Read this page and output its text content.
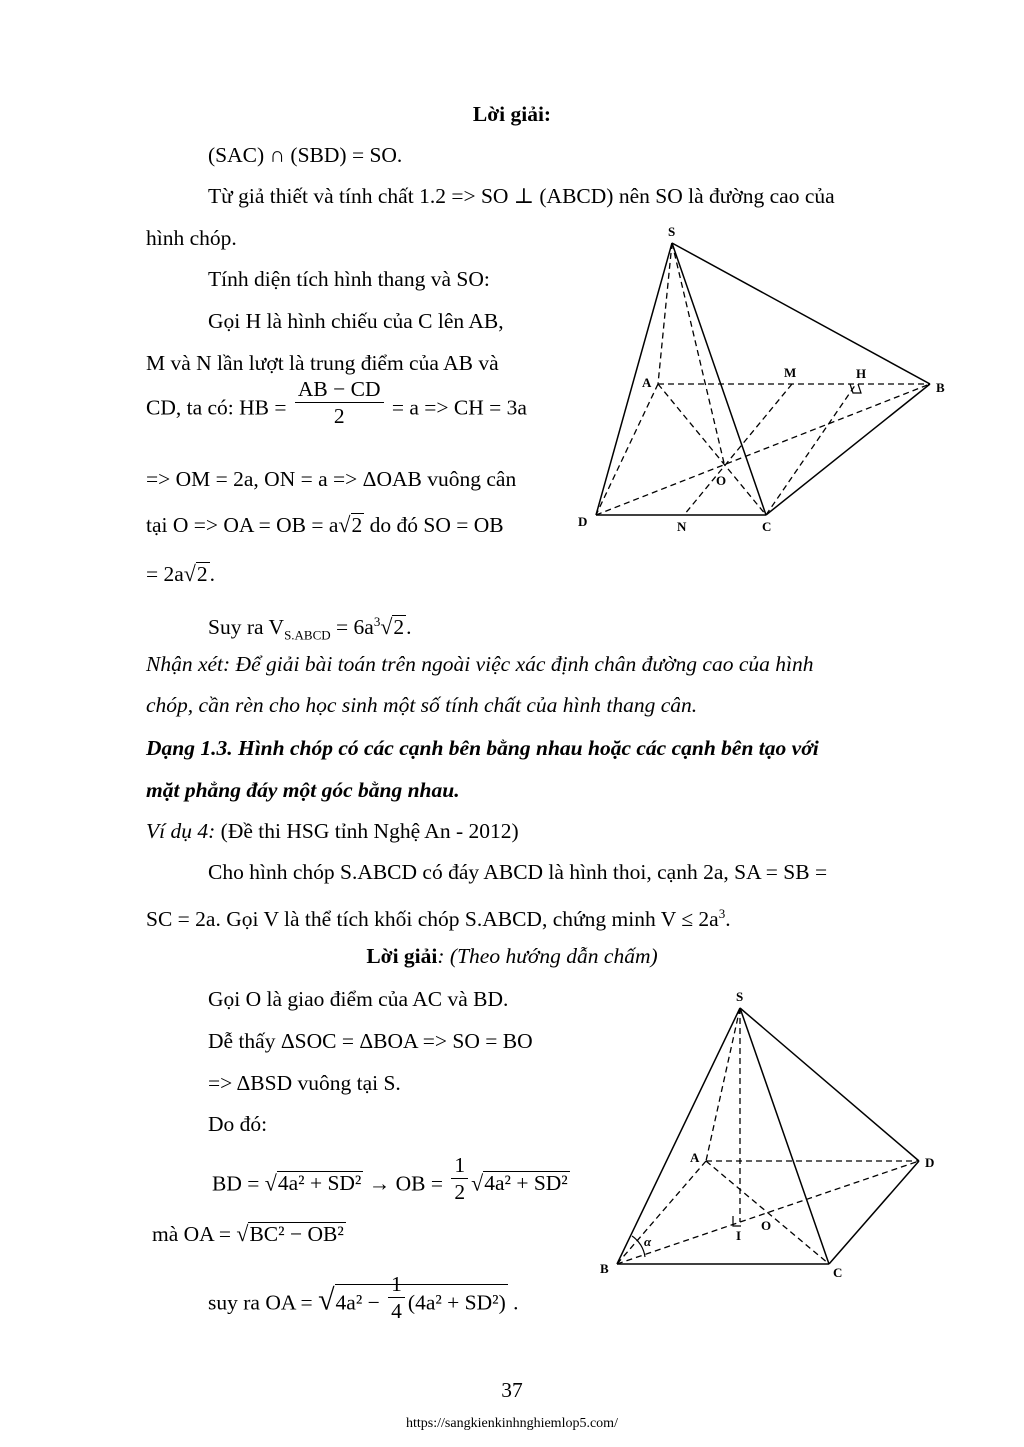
Lời giải:
(SAC) ∩ (SBD) = SO.
Từ giả thiết và tính chất 1.2 => SO ⊥ (ABCD) nên SO là đường cao của
hình chóp.
Tính diện tích hình thang và SO:
Gọi H là hình chiếu của C lên AB,
M và N lần lượt là trung điểm của AB và
CD, ta có: HB = $\frac{AB - CD}{2} = a$ => CH = 3a
=> OM = 2a, ON = a => ΔOAB vuông cân
tại O => OA = OB = a√2 do đó SO = OB
= 2a√2.
Suy ra $V_{S.ABCD} = 6a^3√2$.
Nhận xét: Để giải bài toán trên ngoài việc xác định chân đường cao của hình
chóp, cần rèn cho học sinh một số tính chất của hình thang cân.
Dạng 1.3. Hình chóp có các cạnh bên bằng nhau hoặc các cạnh bên tạo với
mặt phẳng đáy một góc bằng nhau.
Ví dụ 4: (Đề thi HSG tỉnh Nghệ An - 2012)
Cho hình chóp S.ABCD có đáy ABCD là hình thoi, cạnh 2a, SA = SB =
SC = 2a. Gọi V là thể tích khối chóp S.ABCD, chứng minh $V \le 2a^3$.
Lời giải: (Theo hướng dẫn chấm)
Gọi O là giao điểm của AC và BD.
Dễ thấy ΔSOC = ΔBOA => SO = BO
=> ΔBSD vuông tại S.
Do đó:
BD = √4a² + SD² → OB = $\frac{1}{2} √4a^2 + SD^2$
mà OA = √BC² − OB²
suy ra OA = $√4a^2 - \frac{1}{4} (4a^2 + SD^2)$ .
37
https://sangkienkinhnghiemlop5.com/
S
A	B
C
D
M	H
N
O
S
A
B	C
D
I
O
α
